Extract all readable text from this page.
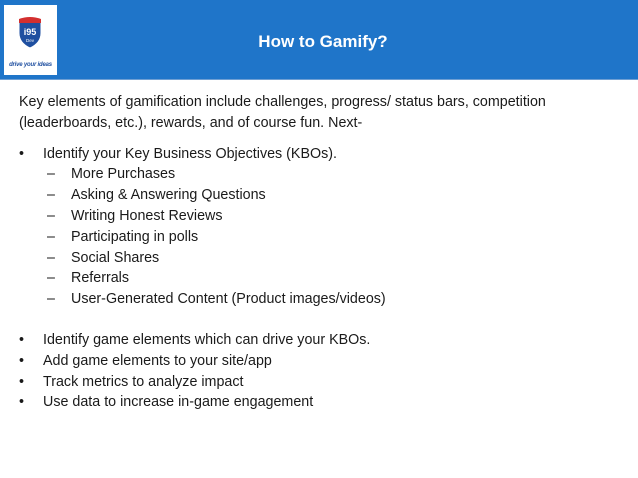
i95
Dev
drive your ideas
How to Gamify?

Key elements of gamification include challenges, progress/ status bars, competition (leaderboards, etc.), rewards, and of course fun. Next-

•	Identify your Key Business Objectives (KBOs).
–	More Purchases
–	Asking & Answering Questions
–	Writing Honest Reviews
–	Participating in polls
–	Social Shares
–	Referrals
–	User-Generated Content (Product images/videos)
•	Identify game elements which can drive your KBOs.
•	Add game elements to your site/app
•	Track metrics to analyze impact
•	Use data to increase in-game engagement
